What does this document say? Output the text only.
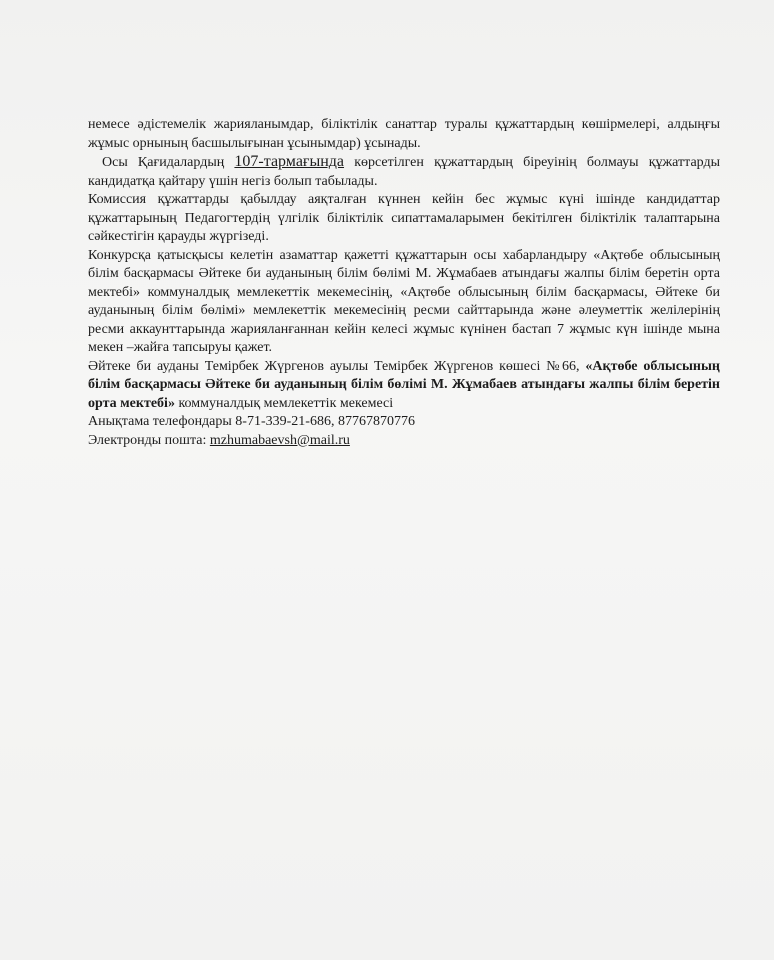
немесе әдістемелік жарияланымдар, біліктілік санаттар туралы құжаттардың көшірмелері, алдыңғы жұмыс орнының басшылығынан ұсынымдар) ұсынады.

Осы Қағидалардың 107-тармағында көрсетілген құжаттардың біреуінің болмауы құжаттарды кандидатқа қайтару үшін негіз болып табылады.

Комиссия құжаттарды қабылдау аяқталған күннен кейін бес жұмыс күні ішінде кандидаттар құжаттарының Педагогтердің үлгілік біліктілік сипаттамаларымен бекітілген біліктілік талаптарына сәйкестігін қарауды жүргізеді.

Конкурсқа қатысқысы келетін азаматтар қажетті құжаттарын осы хабарландыру «Ақтөбе облысының білім басқармасы Әйтеке би ауданының білім бөлімі М. Жұмабаев атындағы жалпы білім беретін орта мектебі» коммуналдық мемлекеттік мекемесінің, «Ақтөбе облысының білім басқармасы, Әйтеке би ауданының білім бөлімі» мемлекеттік мекемесінің ресми сайттарында және әлеуметтік желілерінің ресми аккаунттарында жарияланғаннан кейін келесі жұмыс күнінен бастап 7 жұмыс күн ішінде мына мекен –жайға тапсыруы қажет.

Әйтеке би ауданы Темірбек Жүргенов ауылы Темірбек Жүргенов көшесі №66, «Ақтөбе облысының білім басқармасы Әйтеке би ауданының білім бөлімі М. Жұмабаев атындағы жалпы білім беретін орта мектебі» коммуналдық мемлекеттік мекемесі

Анықтама телефондары 8-71-339-21-686, 87767870776

Электронды пошта: mzhumabaevsh@mail.ru
